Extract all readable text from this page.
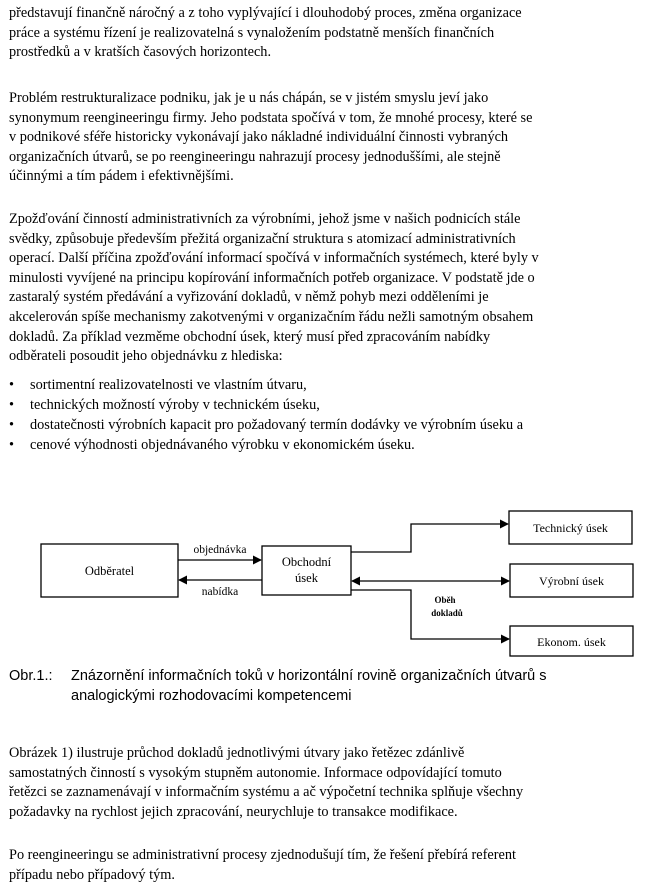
představují finančně náročný a z toho vyplývající i dlouhodobý proces, změna organizace
práce a systému řízení je realizovatelná s vynaložením podstatně menších finančních
prostředků a v kratších časových horizontech.
Problém restrukturalizace podniku, jak je u nás chápán, se v jistém smyslu jeví jako
synonymum reengineeringu firmy. Jeho podstata spočívá v tom, že mnohé procesy, které se
v podnikové sféře historicky vykonávají jako nákladné individuální činnosti vybraných
organizačních útvarů, se po reengineeringu nahrazují procesy jednoduššími, ale stejně
účinnými a tím pádem i efektivnějšími.
Zpožďování činností administrativních za výrobními, jehož jsme v našich podnicích stále
svědky, způsobuje především přežitá organizační struktura s atomizací administrativních
operací. Další příčina zpožďování informací spočívá v informačních systémech, které byly v
minulosti vyvíjené na principu kopírování informačních potřeb organizace. V podstatě jde o
zastaralý systém předávání a vyřizování dokladů, v němž pohyb mezi odděleními je
akcelerován spíše mechanismy zakotvenými v organizačním řádu nežli samotným obsahem
dokladů. Za příklad vezměme obchodní úsek, který musí před zpracováním nabídky
odběrateli posoudit jeho objednávku z hlediska:
• sortimentní realizovatelnosti ve vlastním útvaru,
• technických možností výroby v technickém úseku,
• dostatečnosti výrobních kapacit pro požadovaný termín dodávky ve výrobním úseku a
• cenové výhodnosti objednávaného výrobku v ekonomickém úseku.
Odběratel
Obchodní
úsek
Technický úsek
Výrobní úsek
Ekonom. úsek
objednávka
nabídka
Oběh
dokladů
Obr.1.: Znázornění informačních toků v horizontální rovině organizačních útvarů s
analogickými rozhodovacími kompetencemi
Obrázek 1) ilustruje průchod dokladů jednotlivými útvary jako řetězec zdánlivě
samostatných činností s vysokým stupněm autonomie. Informace odpovídající tomuto
řetězci se zaznamenávají v informačním systému a ač výpočetní technika splňuje všechny
požadavky na rychlost jejich zpracování, neurychluje to transakce modifikace.
Po reengineeringu se administrativní procesy zjednodušují tím, že řešení přebírá referent
případu nebo případový tým.
